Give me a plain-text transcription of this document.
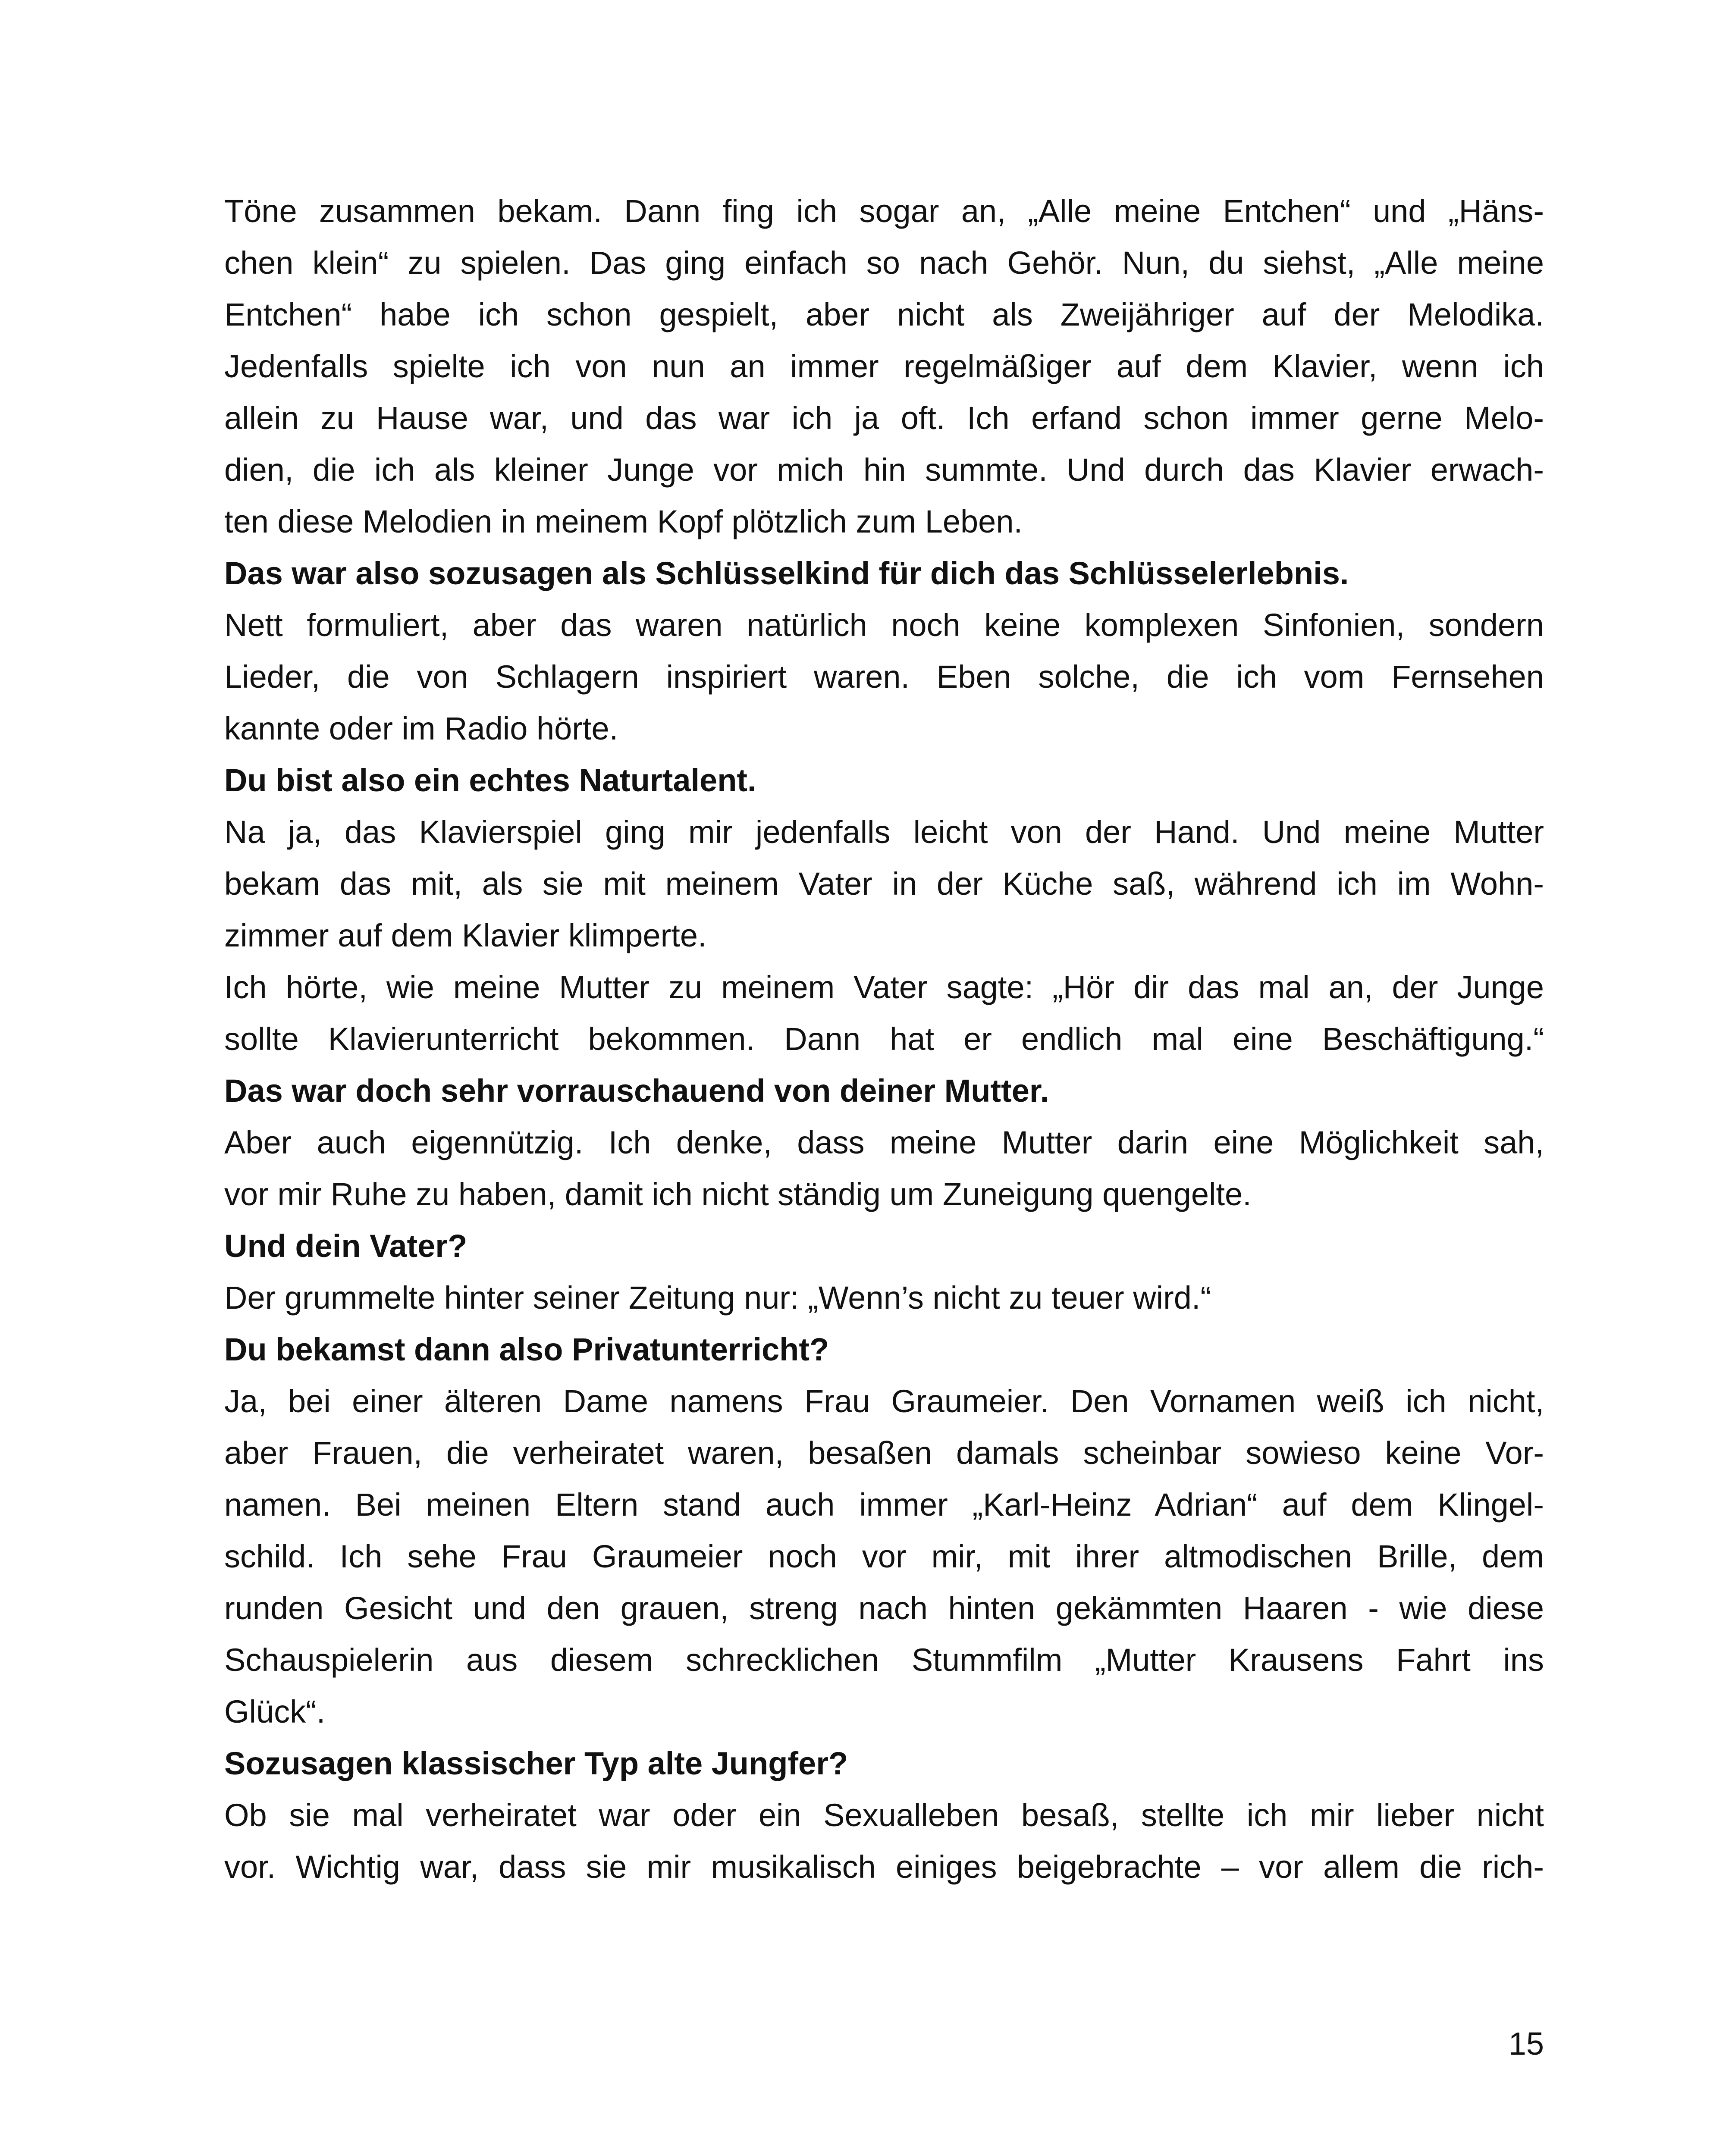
Töne zusammen bekam. Dann fing ich sogar an, „Alle meine Entchen“ und „Häns-
chen klein“ zu spielen. Das ging einfach so nach Gehör. Nun, du siehst, „Alle meine
Entchen“ habe ich schon gespielt, aber nicht als Zweijähriger auf der Melodika.
Jedenfalls spielte ich von nun an immer regelmäßiger auf dem Klavier, wenn ich
allein zu Hause war, und das war ich ja oft. Ich erfand schon immer gerne Melo-
dien, die ich als kleiner Junge vor mich hin summte. Und durch das Klavier erwach-
ten diese Melodien in meinem Kopf plötzlich zum Leben.
Das war also sozusagen als Schlüsselkind für dich das Schlüsselerlebnis.
Nett formuliert, aber das waren natürlich noch keine komplexen Sinfonien, sondern
Lieder, die von Schlagern inspiriert waren. Eben solche, die ich vom Fernsehen
kannte oder im Radio hörte.
Du bist also ein echtes Naturtalent.
Na ja, das Klavierspiel ging mir jedenfalls leicht von der Hand. Und meine Mutter
bekam das mit, als sie mit meinem Vater in der Küche saß, während ich im Wohn-
zimmer auf dem Klavier klimperte.
Ich hörte, wie meine Mutter zu meinem Vater sagte: „Hör dir das mal an, der Junge
sollte Klavierunterricht bekommen. Dann hat er endlich mal eine Beschäftigung.“
Das war doch sehr vorrauschauend von deiner Mutter.
Aber auch eigennützig. Ich denke, dass meine Mutter darin eine Möglichkeit sah,
vor mir Ruhe zu haben, damit ich nicht ständig um Zuneigung quengelte.
Und dein Vater?
Der grummelte hinter seiner Zeitung nur: „Wenn’s nicht zu teuer wird.“
Du bekamst dann also Privatunterricht?
Ja, bei einer älteren Dame namens Frau Graumeier. Den Vornamen weiß ich nicht,
aber Frauen, die verheiratet waren, besaßen damals scheinbar sowieso keine Vor-
namen. Bei meinen Eltern stand auch immer „Karl-Heinz Adrian“ auf dem Klingel-
schild. Ich sehe Frau Graumeier noch vor mir, mit ihrer altmodischen Brille, dem
runden Gesicht und den grauen, streng nach hinten gekämmten Haaren - wie diese
Schauspielerin aus diesem schrecklichen Stummfilm „Mutter Krausens Fahrt ins
Glück“.
Sozusagen klassischer Typ alte Jungfer?
Ob sie mal verheiratet war oder ein Sexualleben besaß, stellte ich mir lieber nicht
vor. Wichtig war, dass sie mir musikalisch einiges beigebrachte – vor allem die rich-
15
